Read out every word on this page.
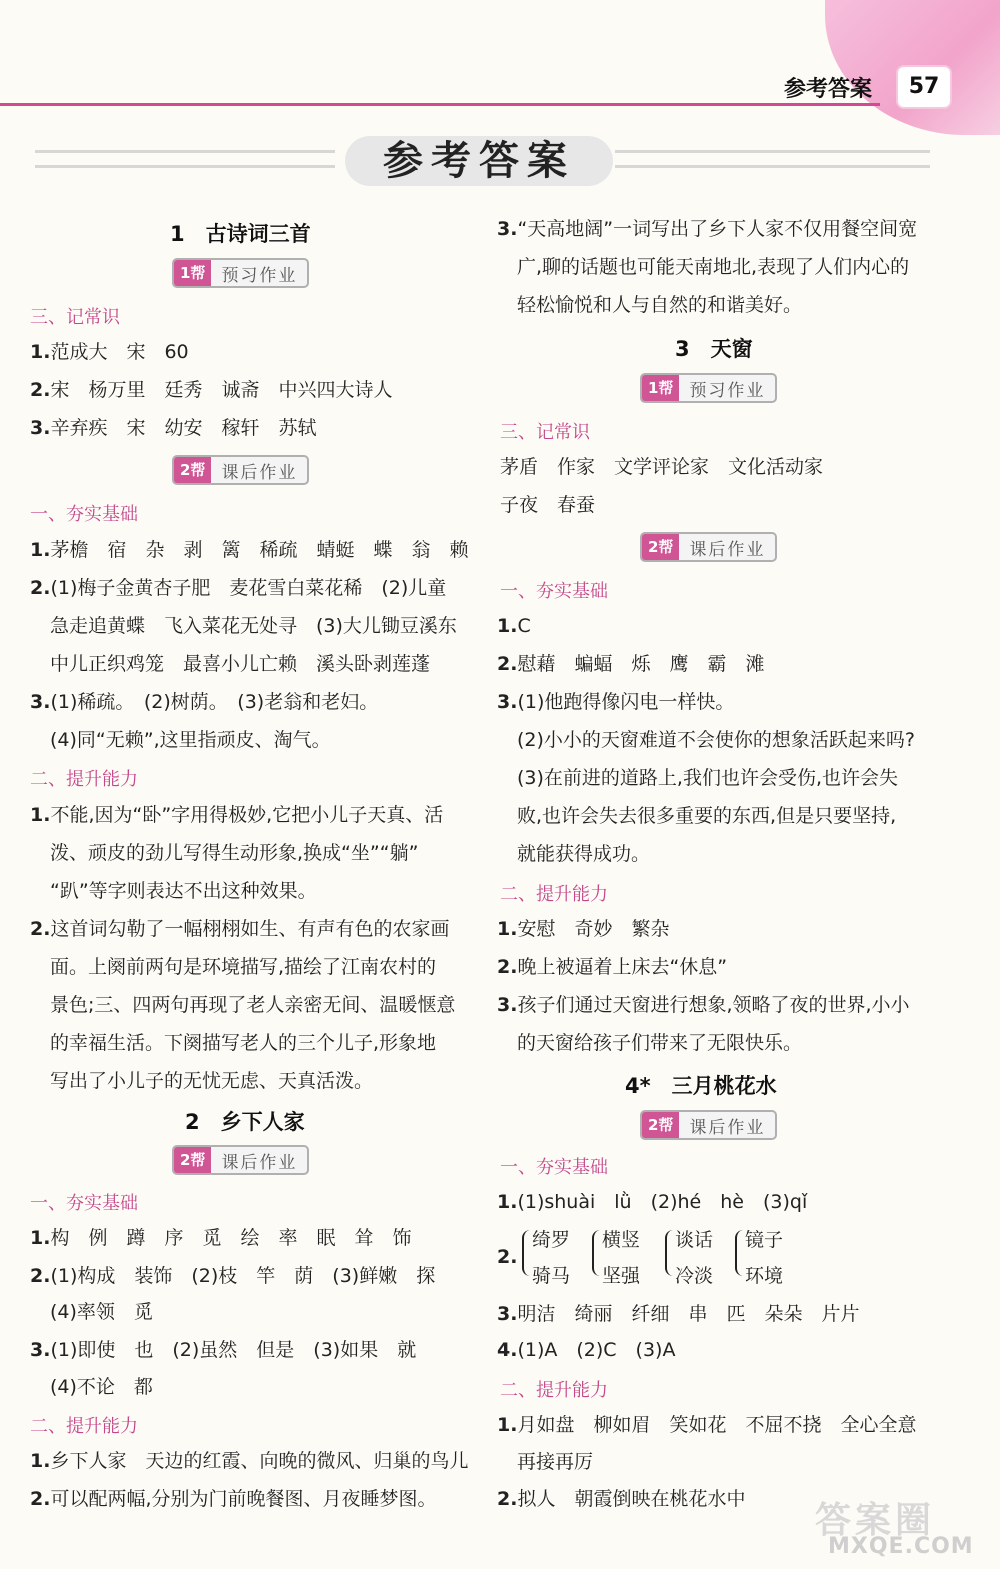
参考答案	57
参考答案
1　古诗词三首
1帮 预习作业
三、记常识
1.范成大　宋　60
2.宋　杨万里　廷秀　诚斋　中兴四大诗人
3.辛弃疾　宋　幼安　稼轩　苏轼
2帮 课后作业
一、夯实基础
1.茅檐　宿　杂　剥　篱　稀疏　蜻蜓　蝶　翁　赖
2.(1)梅子金黄杏子肥　麦花雪白菜花稀　(2)儿童
急走追黄蝶　飞入菜花无处寻　(3)大儿锄豆溪东
中儿正织鸡笼　最喜小儿亡赖　溪头卧剥莲蓬
3.(1)稀疏。　(2)树荫。　(3)老翁和老妇。
(4)同“无赖”,这里指顽皮、淘气。
二、提升能力
1.不能,因为“卧”字用得极妙,它把小儿子天真、活
泼、顽皮的劲儿写得生动形象,换成“坐”“躺”
“趴”等字则表达不出这种效果。
2.这首词勾勒了一幅栩栩如生、有声有色的农家画
面。上阕前两句是环境描写,描绘了江南农村的
景色;三、四两句再现了老人亲密无间、温暖惬意
的幸福生活。下阕描写老人的三个儿子,形象地
写出了小儿子的无忧无虑、天真活泼。
2　乡下人家
2帮 课后作业
一、夯实基础
1.构　例　蹲　序　觅　绘　率　眠　耸　饰
2.(1)构成　装饰　(2)枝　竿　荫　(3)鲜嫩　探
(4)率领　觅
3.(1)即使　也　(2)虽然　但是　(3)如果　就
(4)不论　都
二、提升能力
1.乡下人家　天边的红霞、向晚的微风、归巢的鸟儿
2.可以配两幅,分别为门前晚餐图、月夜睡梦图。
3.“天高地阔”一词写出了乡下人家不仅用餐空间宽
广,聊的话题也可能天南地北,表现了人们内心的
轻松愉悦和人与自然的和谐美好。
3　天窗
1帮 预习作业
三、记常识
茅盾　作家　文学评论家　文化活动家
子夜　春蚕
2帮 课后作业
一、夯实基础
1.C
2.慰藉　蝙蝠　烁　鹰　霸　滩
3.(1)他跑得像闪电一样快。
(2)小小的天窗难道不会使你的想象活跃起来吗?
(3)在前进的道路上,我们也许会受伤,也许会失
败,也许会失去很多重要的东西,但是只要坚持,
就能获得成功。
二、提升能力
1.安慰　奇妙　繁杂
2.晚上被逼着上床去“休息”
3.孩子们通过天窗进行想象,领略了夜的世界,小小
的天窗给孩子们带来了无限快乐。
4*　三月桃花水
2帮 课后作业
一、夯实基础
1.(1)shuài　lǜ　(2)hé　hè　(3)qǐ
2.
绮罗
骑马
横竖
坚强
谈话
冷淡
镜子
环境
3.明洁　绮丽　纤细　串　匹　朵朵　片片
4.(1)A　(2)C　(3)A
二、提升能力
1.月如盘　柳如眉　笑如花　不屈不挠　全心全意
再接再厉
2.拟人　朝霞倒映在桃花水中
答案圈
MXQE.COM
